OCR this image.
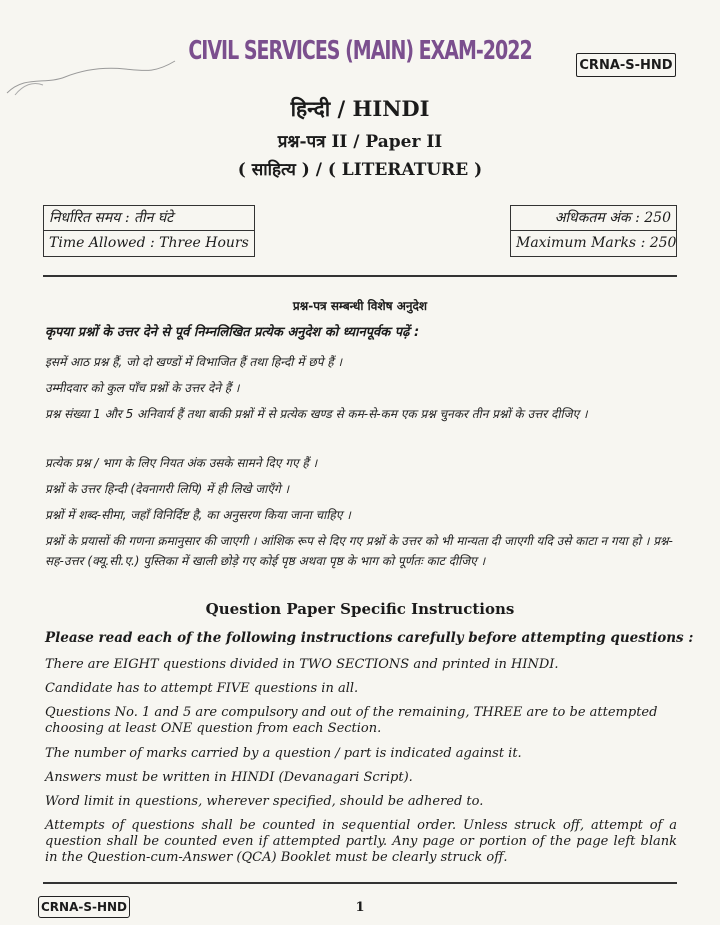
CIVIL SERVICES (MAIN) EXAM-2022	CRNA-S-HND
हिन्दी / HINDI
प्रश्न-पत्र II / Paper II
( साहित्य ) / ( LITERATURE )
निर्धारित समय : तीन घंटे
Time Allowed : Three Hours
अधिकतम अंक : 250
Maximum Marks : 250
प्रश्न-पत्र सम्बन्धी विशेष अनुदेश
कृपया प्रश्नों के उत्तर देने से पूर्व निम्नलिखित प्रत्येक अनुदेश को ध्यानपूर्वक पढ़ें :
इसमें आठ प्रश्न हैं, जो दो खण्डों में विभाजित हैं तथा हिन्दी में छपे हैं ।
उम्मीदवार को कुल पाँच प्रश्नों के उत्तर देने हैं ।
प्रश्न संख्या 1 और 5 अनिवार्य हैं तथा बाकी प्रश्नों में से प्रत्येक खण्ड से कम-से-कम एक प्रश्न चुनकर तीन प्रश्नों के उत्तर दीजिए ।
प्रत्येक प्रश्न / भाग के लिए नियत अंक उसके सामने दिए गए हैं ।
प्रश्नों के उत्तर हिन्दी (देवनागरी लिपि) में ही लिखे जाएँगे ।
प्रश्नों में शब्द-सीमा, जहाँ विनिर्दिष्ट है, का अनुसरण किया जाना चाहिए ।
प्रश्नों के प्रयासों की गणना क्रमानुसार की जाएगी । आंशिक रूप से दिए गए प्रश्नों के उत्तर को भी मान्यता दी जाएगी यदि उसे काटा न गया हो । प्रश्न-सह-उत्तर (क्यू.सी.ए.) पुस्तिका में खाली छोड़े गए कोई पृष्ठ अथवा पृष्ठ के भाग को पूर्णतः काट दीजिए ।
Question Paper Specific Instructions
Please read each of the following instructions carefully before attempting questions :
There are EIGHT questions divided in TWO SECTIONS and printed in HINDI.
Candidate has to attempt FIVE questions in all.
Questions No. 1 and 5 are compulsory and out of the remaining, THREE are to be attempted choosing at least ONE question from each Section.
The number of marks carried by a question / part is indicated against it.
Answers must be written in HINDI (Devanagari Script).
Word limit in questions, wherever specified, should be adhered to.
Attempts of questions shall be counted in sequential order. Unless struck off, attempt of a question shall be counted even if attempted partly. Any page or portion of the page left blank in the Question-cum-Answer (QCA) Booklet must be clearly struck off.
CRNA-S-HND	1
